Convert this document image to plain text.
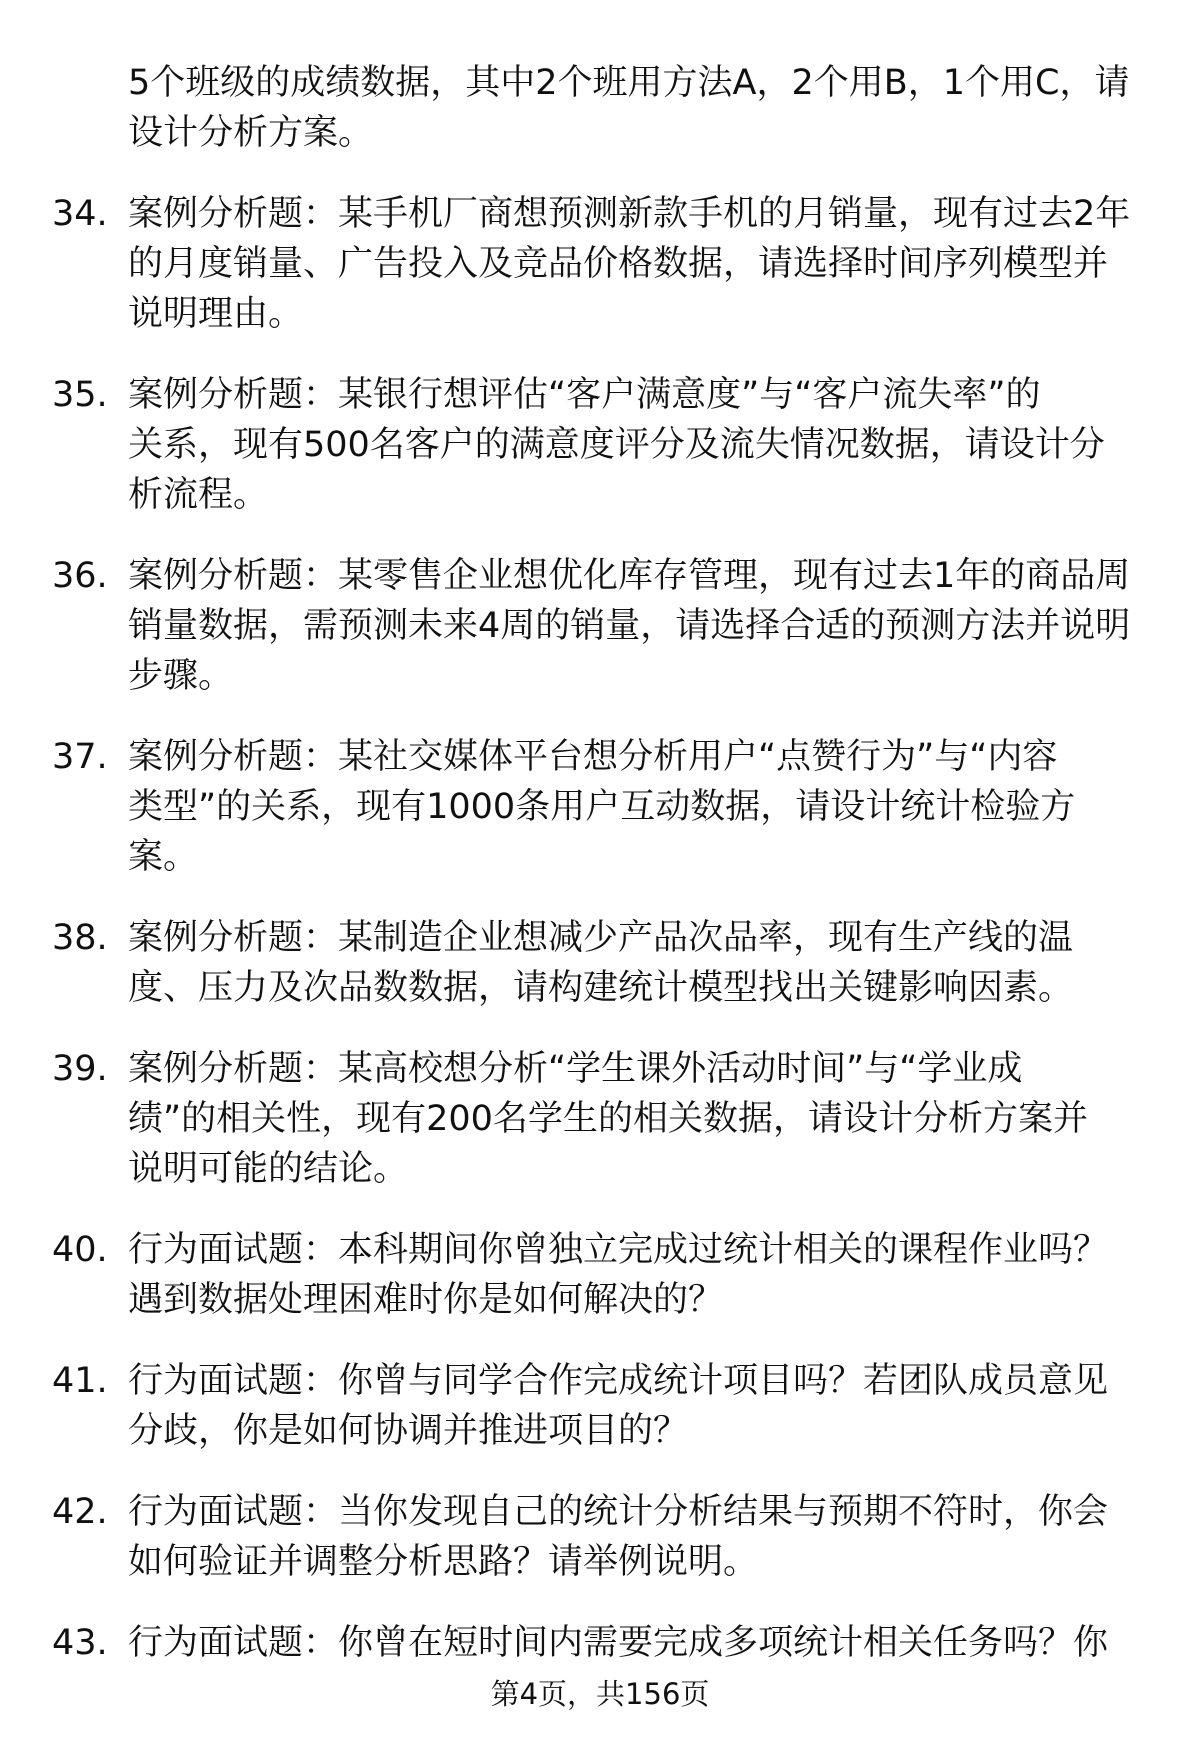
5个班级的成绩数据，其中2个班用方法A，2个用B，1个用C，请
设计分析方案。
34. 案例分析题：某手机厂商想预测新款手机的月销量，现有过去2年
的月度销量、广告投入及竞品价格数据，请选择时间序列模型并
说明理由。
35. 案例分析题：某银行想评估“客户满意度”与“客户流失率”的
关系，现有500名客户的满意度评分及流失情况数据，请设计分
析流程。
36. 案例分析题：某零售企业想优化库存管理，现有过去1年的商品周
销量数据，需预测未来4周的销量，请选择合适的预测方法并说明
步骤。
37. 案例分析题：某社交媒体平台想分析用户“点赞行为”与“内容
类型”的关系，现有1000条用户互动数据，请设计统计检验方
案。
38. 案例分析题：某制造企业想减少产品次品率，现有生产线的温
度、压力及次品数数据，请构建统计模型找出关键影响因素。
39. 案例分析题：某高校想分析“学生课外活动时间”与“学业成
绩”的相关性，现有200名学生的相关数据，请设计分析方案并
说明可能的结论。
40. 行为面试题：本科期间你曾独立完成过统计相关的课程作业吗？
遇到数据处理困难时你是如何解决的？
41. 行为面试题：你曾与同学合作完成统计项目吗？若团队成员意见
分歧，你是如何协调并推进项目的？
42. 行为面试题：当你发现自己的统计分析结果与预期不符时，你会
如何验证并调整分析思路？请举例说明。
43. 行为面试题：你曾在短时间内需要完成多项统计相关任务吗？你
第4页，共156页
